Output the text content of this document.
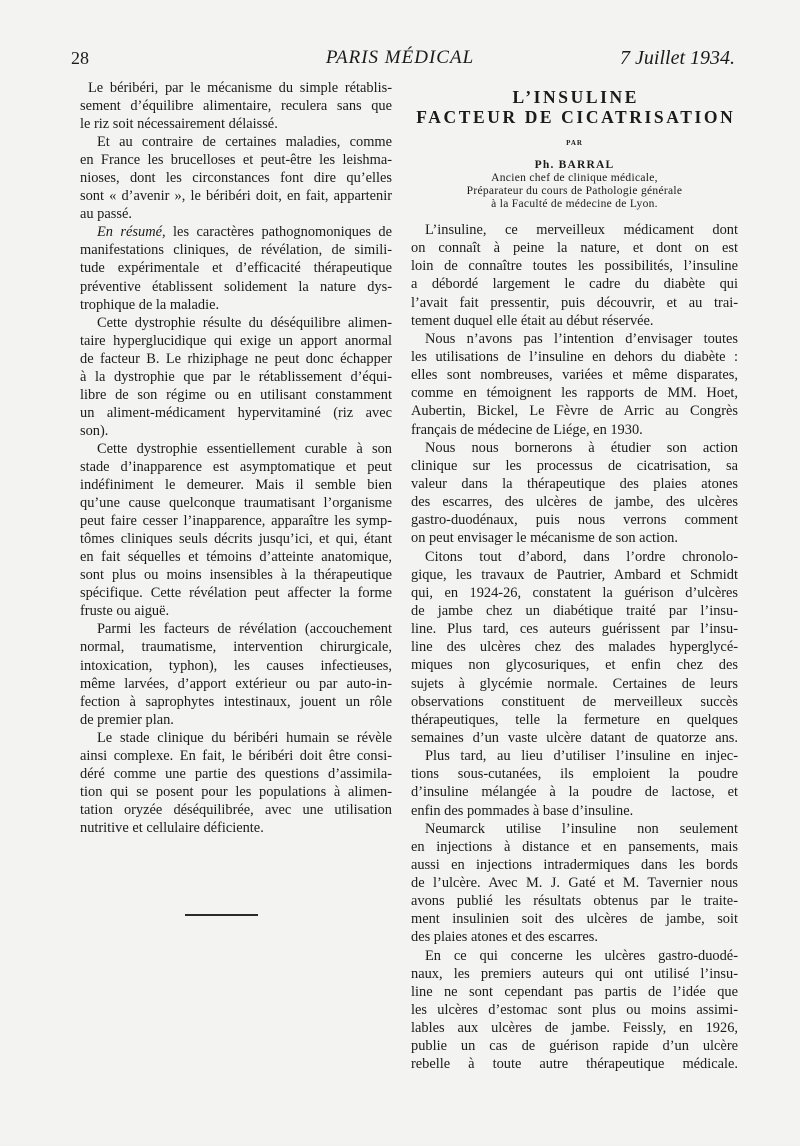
28	PARIS MÉDICAL	7 Juillet 1934.
Le béribéri, par le mécanisme du simple rétablis-
sement d’équilibre alimentaire, reculera sans que
le riz soit nécessairement délaissé.
Et au contraire de certaines maladies, comme
en France les brucelloses et peut-être les leishma-
nioses, dont les circonstances font dire qu’elles
sont « d’avenir », le béribéri doit, en fait, appartenir
au passé.
En résumé, les caractères pathognomoniques de
manifestations cliniques, de révélation, de simili-
tude expérimentale et d’efficacité thérapeutique
préventive établissent solidement la nature dys-
trophique de la maladie.
Cette dystrophie résulte du déséquilibre alimen-
taire hyperglucidique qui exige un apport anormal
de facteur B. Le rhiziphage ne peut donc échapper
à la dystrophie que par le rétablissement d’équi-
libre de son régime ou en utilisant constamment
un aliment-médicament hypervitaminé (riz avec
son).
Cette dystrophie essentiellement curable à son
stade d’inapparence est asymptomatique et peut
indéfiniment le demeurer. Mais il semble bien
qu’une cause quelconque traumatisant l’organisme
peut faire cesser l’inapparence, apparaître les symp-
tômes cliniques seuls décrits jusqu’ici, et qui, étant
en fait séquelles et témoins d’atteinte anatomique,
sont plus ou moins insensibles à la thérapeutique
spécifique. Cette révélation peut affecter la forme
fruste ou aiguë.
Parmi les facteurs de révélation (accouchement
normal, traumatisme, intervention chirurgicale,
intoxication, typhon), les causes infectieuses,
même larvées, d’apport extérieur ou par auto-in-
fection à saprophytes intestinaux, jouent un rôle
de premier plan.
Le stade clinique du béribéri humain se révèle
ainsi complexe. En fait, le béribéri doit être consi-
déré comme une partie des questions d’assimila-
tion qui se posent pour les populations à alimen-
tation oryzée déséquilibrée, avec une utilisation
nutritive et cellulaire déficiente.
L’INSULINE
FACTEUR DE CICATRISATION
PAR
Ph. BARRAL
Ancien chef de clinique médicale,
Préparateur du cours de Pathologie générale
à la Faculté de médecine de Lyon.
L’insuline, ce merveilleux médicament dont
on connaît à peine la nature, et dont on est
loin de connaître toutes les possibilités, l’insuline
a débordé largement le cadre du diabète qui
l’avait fait pressentir, puis découvrir, et au trai-
tement duquel elle était au début réservée.
Nous n’avons pas l’intention d’envisager toutes
les utilisations de l’insuline en dehors du diabète :
elles sont nombreuses, variées et même disparates,
comme en témoignent les rapports de MM. Hoet,
Aubertin, Bickel, Le Fèvre de Arric au Congrès
français de médecine de Liége, en 1930.
Nous nous bornerons à étudier son action
clinique sur les processus de cicatrisation, sa
valeur dans la thérapeutique des plaies atones
des escarres, des ulcères de jambe, des ulcères
gastro-duodénaux, puis nous verrons comment
on peut envisager le mécanisme de son action.
Citons tout d’abord, dans l’ordre chronolo-
gique, les travaux de Pautrier, Ambard et Schmidt
qui, en 1924-26, constatent la guérison d’ulcères
de jambe chez un diabétique traité par l’insu-
line. Plus tard, ces auteurs guérissent par l’insu-
line des ulcères chez des malades hyperglycé-
miques non glycosuriques, et enfin chez des
sujets à glycémie normale. Certaines de leurs
observations constituent de merveilleux succès
thérapeutiques, telle la fermeture en quelques
semaines d’un vaste ulcère datant de quatorze ans.
Plus tard, au lieu d’utiliser l’insuline en injec-
tions sous-cutanées, ils emploient la poudre
d’insuline mélangée à la poudre de lactose, et
enfin des pommades à base d’insuline.
Neumarck utilise l’insuline non seulement
en injections à distance et en pansements, mais
aussi en injections intradermiques dans les bords
de l’ulcère. Avec M. J. Gaté et M. Tavernier nous
avons publié les résultats obtenus par le traite-
ment insulinien soit des ulcères de jambe, soit
des plaies atones et des escarres.
En ce qui concerne les ulcères gastro-duodé-
naux, les premiers auteurs qui ont utilisé l’insu-
line ne sont cependant pas partis de l’idée que
les ulcères d’estomac sont plus ou moins assimi-
lables aux ulcères de jambe. Feissly, en 1926,
publie un cas de guérison rapide d’un ulcère
rebelle à toute autre thérapeutique médicale.
